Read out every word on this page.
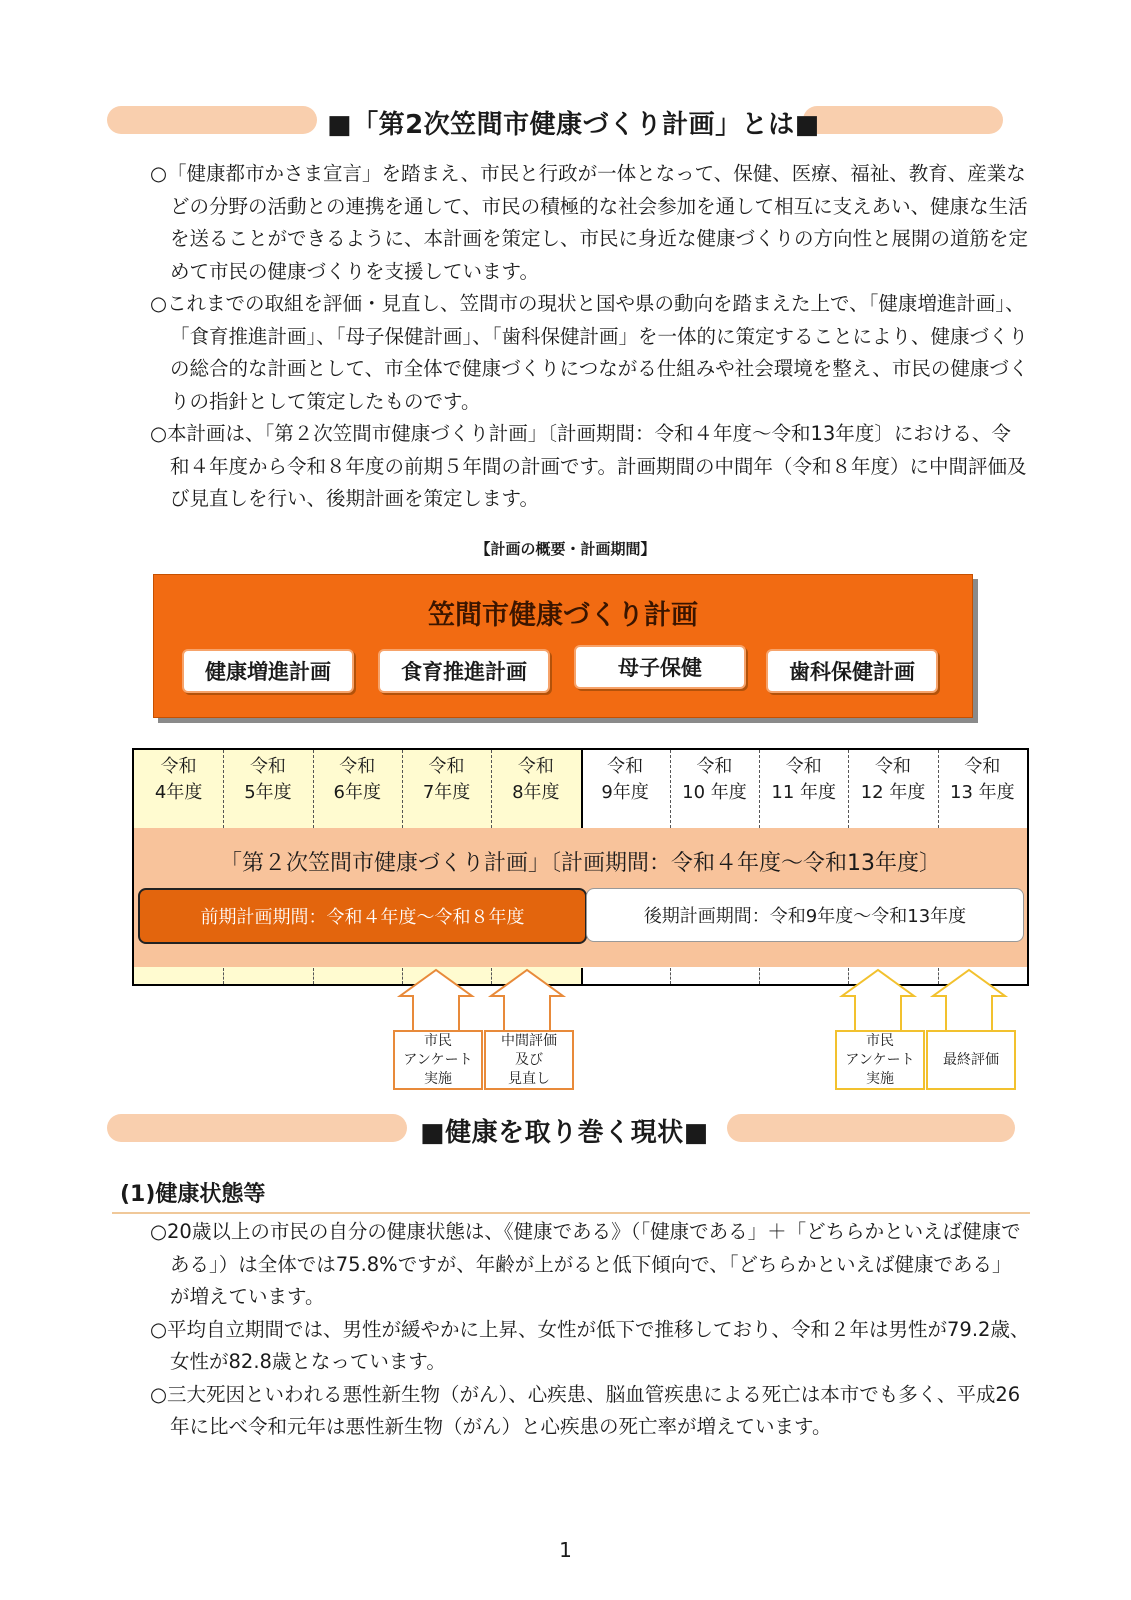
■「第2次笠間市健康づくり計画」とは■

○「健康都市かさま宣言」を踏まえ、市民と行政が一体となって、保健、医療、福祉、教育、産業などの分野の活動との連携を通して、市民の積極的な社会参加を通して相互に支えあい、健康な生活を送ることができるように、本計画を策定し、市民に身近な健康づくりの方向性と展開の道筋を定めて市民の健康づくりを支援しています。

○これまでの取組を評価・見直し、笠間市の現状と国や県の動向を踏まえた上で、「健康増進計画」、「食育推進計画」、「母子保健計画」、「歯科保健計画」を一体的に策定することにより、健康づくりの総合的な計画として、市全体で健康づくりにつながる仕組みや社会環境を整え、市民の健康づくりの指針として策定したものです。

○本計画は、「第２次笠間市健康づくり計画」〔計画期間：令和４年度～令和13年度〕における、令和４年度から令和８年度の前期５年間の計画です。計画期間の中間年（令和８年度）に中間評価及び見直しを行い、後期計画を策定します。

【計画の概要・計画期間】
笠間市健康づくり計画
健康増進計画	食育推進計画	母子保健	歯科保健計画
「第２次笠間市健康づくり計画」〔計画期間：令和４年度～令和13年度〕
前期計画期間：令和４年度～令和８年度	後期計画期間：令和9年度～令和13年度
令和
4年度
令和
5年度
令和
6年度
令和
7年度
令和
8年度
令和
9年度
令和
10 年度
令和
11 年度
令和
12 年度
令和
13 年度
市民
アンケート
実施
中間評価
及び
見直し
市民
アンケート
実施
最終評価
■健康を取り巻く現状■
(1)健康状態等

○20歳以上の市民の自分の健康状態は、《健康である》（「健康である」＋「どちらかといえば健康である」）は全体では75.8%ですが、年齢が上がると低下傾向で、「どちらかといえば健康である」が増えています。

○平均自立期間では、男性が緩やかに上昇、女性が低下で推移しており、令和２年は男性が79.2歳、女性が82.8歳となっています。

○三大死因といわれる悪性新生物（がん）、心疾患、脳血管疾患による死亡は本市でも多く、平成26年に比べ令和元年は悪性新生物（がん）と心疾患の死亡率が増えています。

1
